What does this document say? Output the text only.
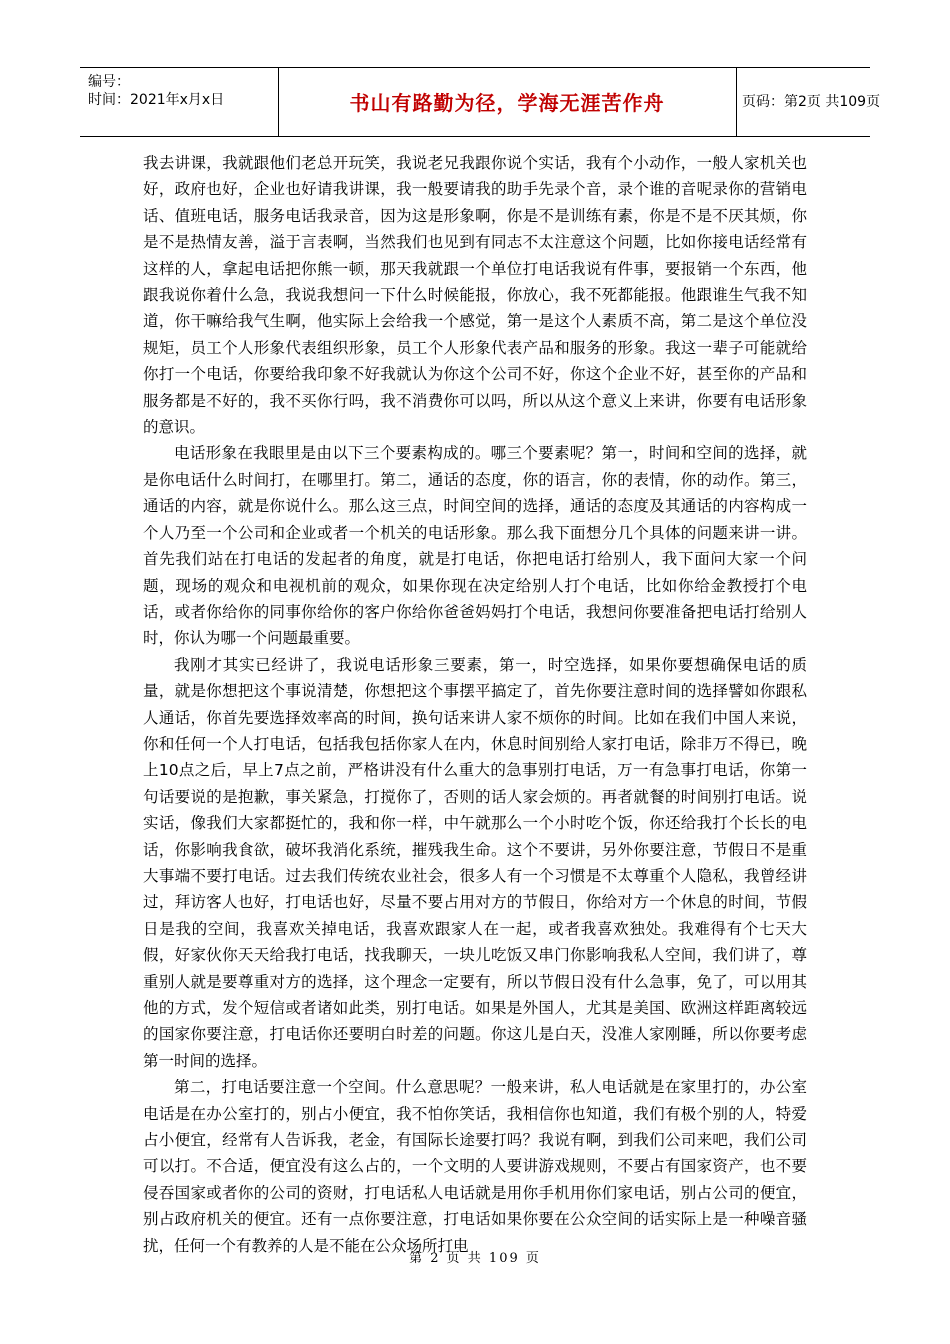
编号：
时间：2021年x月x日	书山有路勤为径，学海无涯苦作舟	页码：第2页 共109页

我去讲课，我就跟他们老总开玩笑，我说老兄我跟你说个实话，我有个小动作，一般人家机关也好，政府也好，企业也好请我讲课，我一般要请我的助手先录个音，录个谁的音呢录你的营销电话、值班电话，服务电话我录音，因为这是形象啊，你是不是训练有素，你是不是不厌其烦，你是不是热情友善，溢于言表啊，当然我们也见到有同志不太注意这个问题，比如你接电话经常有这样的人，拿起电话把你熊一顿，那天我就跟一个单位打电话我说有件事，要报销一个东西，他跟我说你着什么急，我说我想问一下什么时候能报，你放心，我不死都能报。他跟谁生气我不知道，你干嘛给我气生啊，他实际上会给我一个感觉，第一是这个人素质不高，第二是这个单位没规矩，员工个人形象代表组织形象，员工个人形象代表产品和服务的形象。我这一辈子可能就给你打一个电话，你要给我印象不好我就认为你这个公司不好，你这个企业不好，甚至你的产品和服务都是不好的，我不买你行吗，我不消费你可以吗，所以从这个意义上来讲，你要有电话形象的意识。

电话形象在我眼里是由以下三个要素构成的。哪三个要素呢？第一，时间和空间的选择，就是你电话什么时间打，在哪里打。第二，通话的态度，你的语言，你的表情，你的动作。第三，通话的内容，就是你说什么。那么这三点，时间空间的选择，通话的态度及其通话的内容构成一个人乃至一个公司和企业或者一个机关的电话形象。那么我下面想分几个具体的问题来讲一讲。首先我们站在打电话的发起者的角度，就是打电话，你把电话打给别人，我下面问大家一个问题，现场的观众和电视机前的观众，如果你现在决定给别人打个电话，比如你给金教授打个电话，或者你给你的同事你给你的客户你给你爸爸妈妈打个电话，我想问你要准备把电话打给别人时，你认为哪一个问题最重要。

我刚才其实已经讲了，我说电话形象三要素，第一，时空选择，如果你要想确保电话的质量，就是你想把这个事说清楚，你想把这个事摆平搞定了，首先你要注意时间的选择譬如你跟私人通话，你首先要选择效率高的时间，换句话来讲人家不烦你的时间。比如在我们中国人来说，你和任何一个人打电话，包括我包括你家人在内，休息时间别给人家打电话，除非万不得已，晚上10点之后，早上7点之前，严格讲没有什么重大的急事别打电话，万一有急事打电话，你第一句话要说的是抱歉，事关紧急，打搅你了，否则的话人家会烦的。再者就餐的时间别打电话。说实话，像我们大家都挺忙的，我和你一样，中午就那么一个小时吃个饭，你还给我打个长长的电话，你影响我食欲，破坏我消化系统，摧残我生命。这个不要讲，另外你要注意，节假日不是重大事端不要打电话。过去我们传统农业社会，很多人有一个习惯是不太尊重个人隐私，我曾经讲过，拜访客人也好，打电话也好，尽量不要占用对方的节假日，你给对方一个休息的时间，节假日是我的空间，我喜欢关掉电话，我喜欢跟家人在一起，或者我喜欢独处。我难得有个七天大假，好家伙你天天给我打电话，找我聊天，一块儿吃饭又串门你影响我私人空间，我们讲了，尊重别人就是要尊重对方的选择，这个理念一定要有，所以节假日没有什么急事，免了，可以用其他的方式，发个短信或者诸如此类，别打电话。如果是外国人，尤其是美国、欧洲这样距离较远的国家你要注意，打电话你还要明白时差的问题。你这儿是白天，没准人家刚睡，所以你要考虑第一时间的选择。

第二，打电话要注意一个空间。什么意思呢？一般来讲，私人电话就是在家里打的，办公室电话是在办公室打的，别占小便宜，我不怕你笑话，我相信你也知道，我们有极个别的人，特爱占小便宜，经常有人告诉我，老金，有国际长途要打吗？我说有啊，到我们公司来吧，我们公司可以打。不合适，便宜没有这么占的，一个文明的人要讲游戏规则，不要占有国家资产，也不要侵吞国家或者你的公司的资财，打电话私人电话就是用你手机用你们家电话，别占公司的便宜，别占政府机关的便宜。还有一点你要注意，打电话如果你要在公众空间的话实际上是一种噪音骚扰，任何一个有教养的人是不能在公众场所打电

第 2 页 共 109 页
